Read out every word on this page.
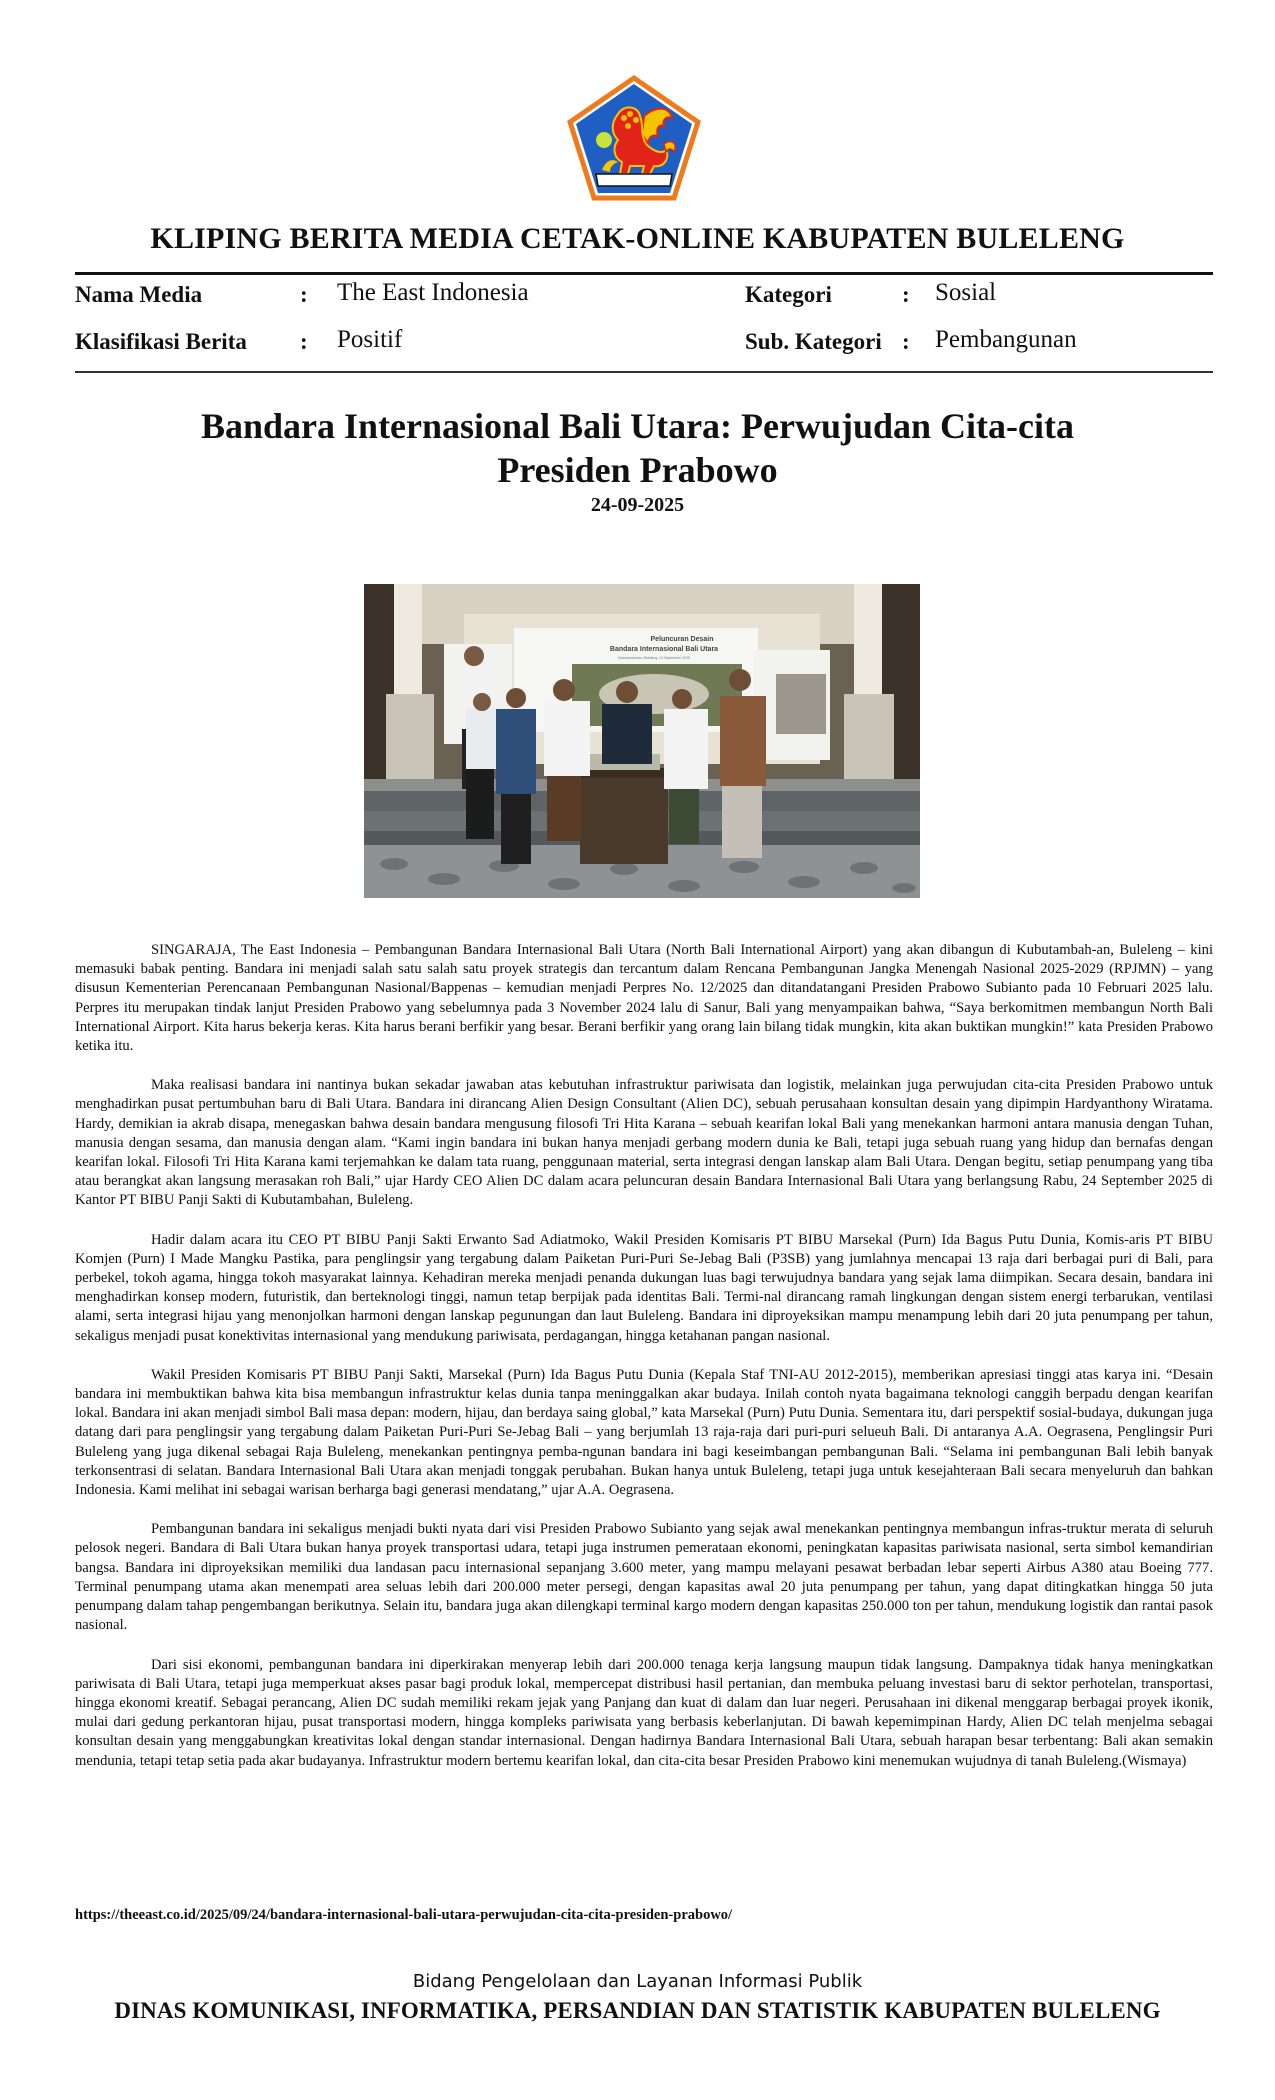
KLIPING BERITA MEDIA CETAK-ONLINE KABUPATEN BULELENG
Nama Media	: The East Indonesia
Klasifikasi Berita : Positif
Kategori	: Sosial
Sub. Kategori : Pembangunan
Bandara Internasional Bali Utara: Perwujudan Cita-cita
Presiden Prabowo
24-09-2025
Peluncuran Desain
Bandara Internasional Bali Utara
Kubutambahan, Buleleng, 24 September 2025

SINGARAJA, The East Indonesia – Pembangunan Bandara Internasional Bali Utara (North Bali International Airport) yang akan dibangun di Kubutambah-an, Buleleng – kini memasuki babak penting. Bandara ini menjadi salah satu salah satu proyek strategis dan tercantum dalam Rencana Pembangunan Jangka Menengah Nasional 2025-2029 (RPJMN) – yang disusun Kementerian Perencanaan Pembangunan Nasional/Bappenas – kemudian menjadi Perpres No. 12/2025 dan ditandatangani Presiden Prabowo Subianto pada 10 Februari 2025 lalu. Perpres itu merupakan tindak lanjut Presiden Prabowo yang sebelumnya pada 3 November 2024 lalu di Sanur, Bali yang menyampaikan bahwa, “Saya berkomitmen membangun North Bali International Airport. Kita harus bekerja keras. Kita harus berani berfikir yang besar. Berani berfikir yang orang lain bilang tidak mungkin, kita akan buktikan mungkin!” kata Presiden Prabowo ketika itu.

Maka realisasi bandara ini nantinya bukan sekadar jawaban atas kebutuhan infrastruktur pariwisata dan logistik, melainkan juga perwujudan cita-cita Presiden Prabowo untuk menghadirkan pusat pertumbuhan baru di Bali Utara. Bandara ini dirancang Alien Design Consultant (Alien DC), sebuah perusahaan konsultan desain yang dipimpin Hardyanthony Wiratama. Hardy, demikian ia akrab disapa, menegaskan bahwa desain bandara mengusung filosofi Tri Hita Karana – sebuah kearifan lokal Bali yang menekankan harmoni antara manusia dengan Tuhan, manusia dengan sesama, dan manusia dengan alam. “Kami ingin bandara ini bukan hanya menjadi gerbang modern dunia ke Bali, tetapi juga sebuah ruang yang hidup dan bernafas dengan kearifan lokal. Filosofi Tri Hita Karana kami terjemahkan ke dalam tata ruang, penggunaan material, serta integrasi dengan lanskap alam Bali Utara. Dengan begitu, setiap penumpang yang tiba atau berangkat akan langsung merasakan roh Bali,” ujar Hardy CEO Alien DC dalam acara peluncuran desain Bandara Internasional Bali Utara yang berlangsung Rabu, 24 September 2025 di Kantor PT BIBU Panji Sakti di Kubutambahan, Buleleng.

Hadir dalam acara itu CEO PT BIBU Panji Sakti Erwanto Sad Adiatmoko, Wakil Presiden Komisaris PT BIBU Marsekal (Purn) Ida Bagus Putu Dunia, Komis-aris PT BIBU Komjen (Purn) I Made Mangku Pastika, para penglingsir yang tergabung dalam Paiketan Puri-Puri Se-Jebag Bali (P3SB) yang jumlahnya mencapai 13 raja dari berbagai puri di Bali, para perbekel, tokoh agama, hingga tokoh masyarakat lainnya. Kehadiran mereka menjadi penanda dukungan luas bagi terwujudnya bandara yang sejak lama diimpikan. Secara desain, bandara ini menghadirkan konsep modern, futuristik, dan berteknologi tinggi, namun tetap berpijak pada identitas Bali. Termi-nal dirancang ramah lingkungan dengan sistem energi terbarukan, ventilasi alami, serta integrasi hijau yang menonjolkan harmoni dengan lanskap pegunungan dan laut Buleleng. Bandara ini diproyeksikan mampu menampung lebih dari 20 juta penumpang per tahun, sekaligus menjadi pusat konektivitas internasional yang mendukung pariwisata, perdagangan, hingga ketahanan pangan nasional.

Wakil Presiden Komisaris PT BIBU Panji Sakti, Marsekal (Purn) Ida Bagus Putu Dunia (Kepala Staf TNI-AU 2012-2015), memberikan apresiasi tinggi atas karya ini. “Desain bandara ini membuktikan bahwa kita bisa membangun infrastruktur kelas dunia tanpa meninggalkan akar budaya. Inilah contoh nyata bagaimana teknologi canggih berpadu dengan kearifan lokal. Bandara ini akan menjadi simbol Bali masa depan: modern, hijau, dan berdaya saing global,” kata Marsekal (Purn) Putu Dunia. Sementara itu, dari perspektif sosial-budaya, dukungan juga datang dari para penglingsir yang tergabung dalam Paiketan Puri-Puri Se-Jebag Bali – yang berjumlah 13 raja-raja dari puri-puri selueuh Bali. Di antaranya A.A. Oegrasena, Penglingsir Puri Buleleng yang juga dikenal sebagai Raja Buleleng, menekankan pentingnya pemba-ngunan bandara ini bagi keseimbangan pembangunan Bali. “Selama ini pembangunan Bali lebih banyak terkonsentrasi di selatan. Bandara Internasional Bali Utara akan menjadi tonggak perubahan. Bukan hanya untuk Buleleng, tetapi juga untuk kesejahteraan Bali secara menyeluruh dan bahkan Indonesia. Kami melihat ini sebagai warisan berharga bagi generasi mendatang,” ujar A.A. Oegrasena.

Pembangunan bandara ini sekaligus menjadi bukti nyata dari visi Presiden Prabowo Subianto yang sejak awal menekankan pentingnya membangun infras-truktur merata di seluruh pelosok negeri. Bandara di Bali Utara bukan hanya proyek transportasi udara, tetapi juga instrumen pemerataan ekonomi, peningkatan kapasitas pariwisata nasional, serta simbol kemandirian bangsa. Bandara ini diproyeksikan memiliki dua landasan pacu internasional sepanjang 3.600 meter, yang mampu melayani pesawat berbadan lebar seperti Airbus A380 atau Boeing 777. Terminal penumpang utama akan menempati area seluas lebih dari 200.000 meter persegi, dengan kapasitas awal 20 juta penumpang per tahun, yang dapat ditingkatkan hingga 50 juta penumpang dalam tahap pengembangan berikutnya. Selain itu, bandara juga akan dilengkapi terminal kargo modern dengan kapasitas 250.000 ton per tahun, mendukung logistik dan rantai pasok nasional.

Dari sisi ekonomi, pembangunan bandara ini diperkirakan menyerap lebih dari 200.000 tenaga kerja langsung maupun tidak langsung. Dampaknya tidak hanya meningkatkan pariwisata di Bali Utara, tetapi juga memperkuat akses pasar bagi produk lokal, mempercepat distribusi hasil pertanian, dan membuka peluang investasi baru di sektor perhotelan, transportasi, hingga ekonomi kreatif. Sebagai perancang, Alien DC sudah memiliki rekam jejak yang Panjang dan kuat di dalam dan luar negeri. Perusahaan ini dikenal menggarap berbagai proyek ikonik, mulai dari gedung perkantoran hijau, pusat transportasi modern, hingga kompleks pariwisata yang berbasis keberlanjutan. Di bawah kepemimpinan Hardy, Alien DC telah menjelma sebagai konsultan desain yang menggabungkan kreativitas lokal dengan standar internasional. Dengan hadirnya Bandara Internasional Bali Utara, sebuah harapan besar terbentang: Bali akan semakin mendunia, tetapi tetap setia pada akar budayanya. Infrastruktur modern bertemu kearifan lokal, dan cita-cita besar Presiden Prabowo kini menemukan wujudnya di tanah Buleleng.(Wismaya)

https://theeast.co.id/2025/09/24/bandara-internasional-bali-utara-perwujudan-cita-cita-presiden-prabowo/
Bidang Pengelolaan dan Layanan Informasi Publik
DINAS KOMUNIKASI, INFORMATIKA, PERSANDIAN DAN STATISTIK KABUPATEN BULELENG
